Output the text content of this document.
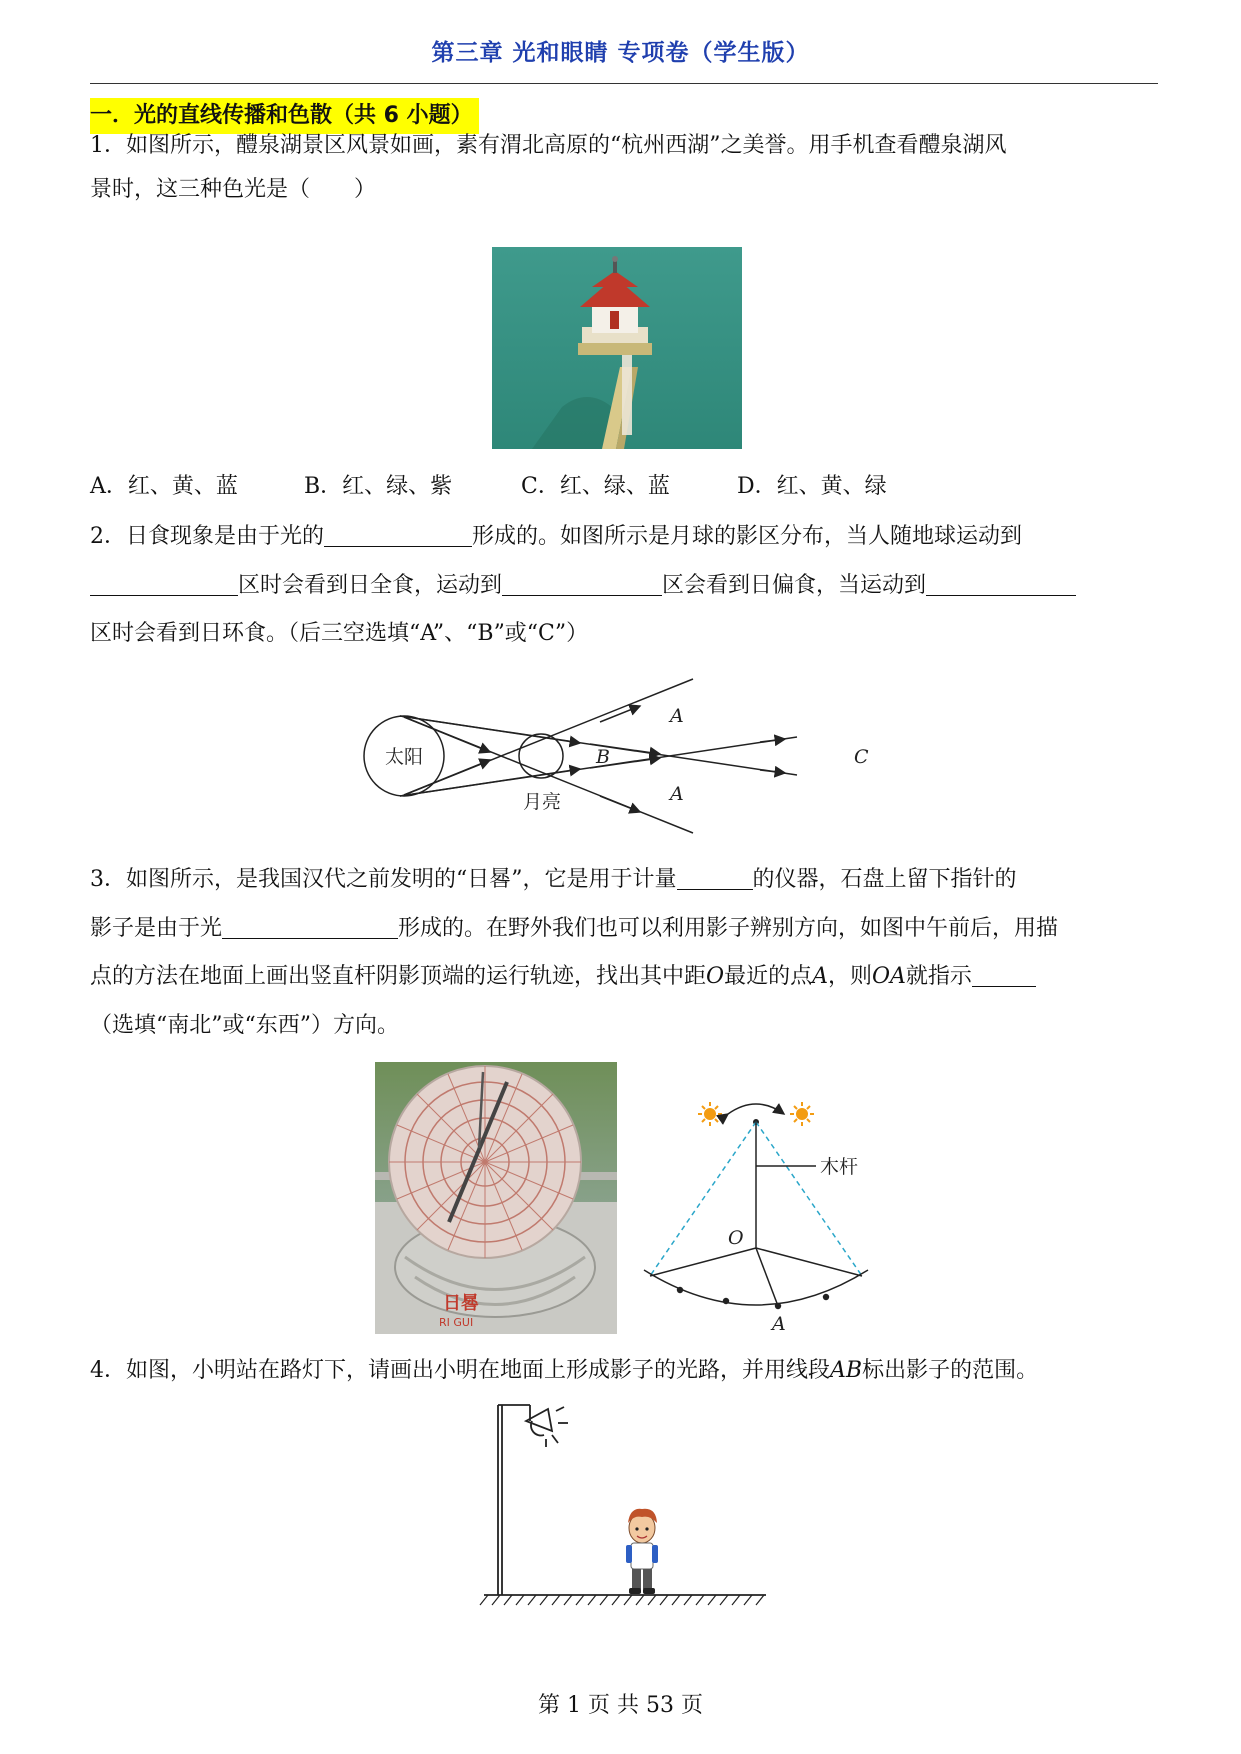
第三章 光和眼睛 专项卷（学生版）
一．光的直线传播和色散（共 6 小题）
1．如图所示，醴泉湖景区风景如画，素有渭北高原的“杭州西湖”之美誉。用手机查看醴泉湖风
景时，这三种色光是（　　）
A．红、黄、蓝	B．红、绿、紫	C．红、绿、蓝	D．红、黄、绿
2．日食现象是由于光的	形成的。如图所示是月球的影区分布，当人随地球运动到
区时会看到日全食，运动到	区会看到日偏食，当运动到
区时会看到日环食。（后三空选填“A”、“B”或“C”）
太阳
月亮
A
B
A
C
3．如图所示，是我国汉代之前发明的“日晷”，它是用于计量	的仪器，石盘上留下指针的
影子是由于光	形成的。在野外我们也可以利用影子辨别方向，如图中午前后，用描
点的方法在地面上画出竖直杆阴影顶端的运行轨迹，找出其中距O最近的点A，则OA就指示
（选填“南北”或“东西”）方向。
日晷
RI GUI
木杆
O
A
4．如图，小明站在路灯下，请画出小明在地面上形成影子的光路，并用线段AB标出影子的范围。
第 1 页 共 53 页
